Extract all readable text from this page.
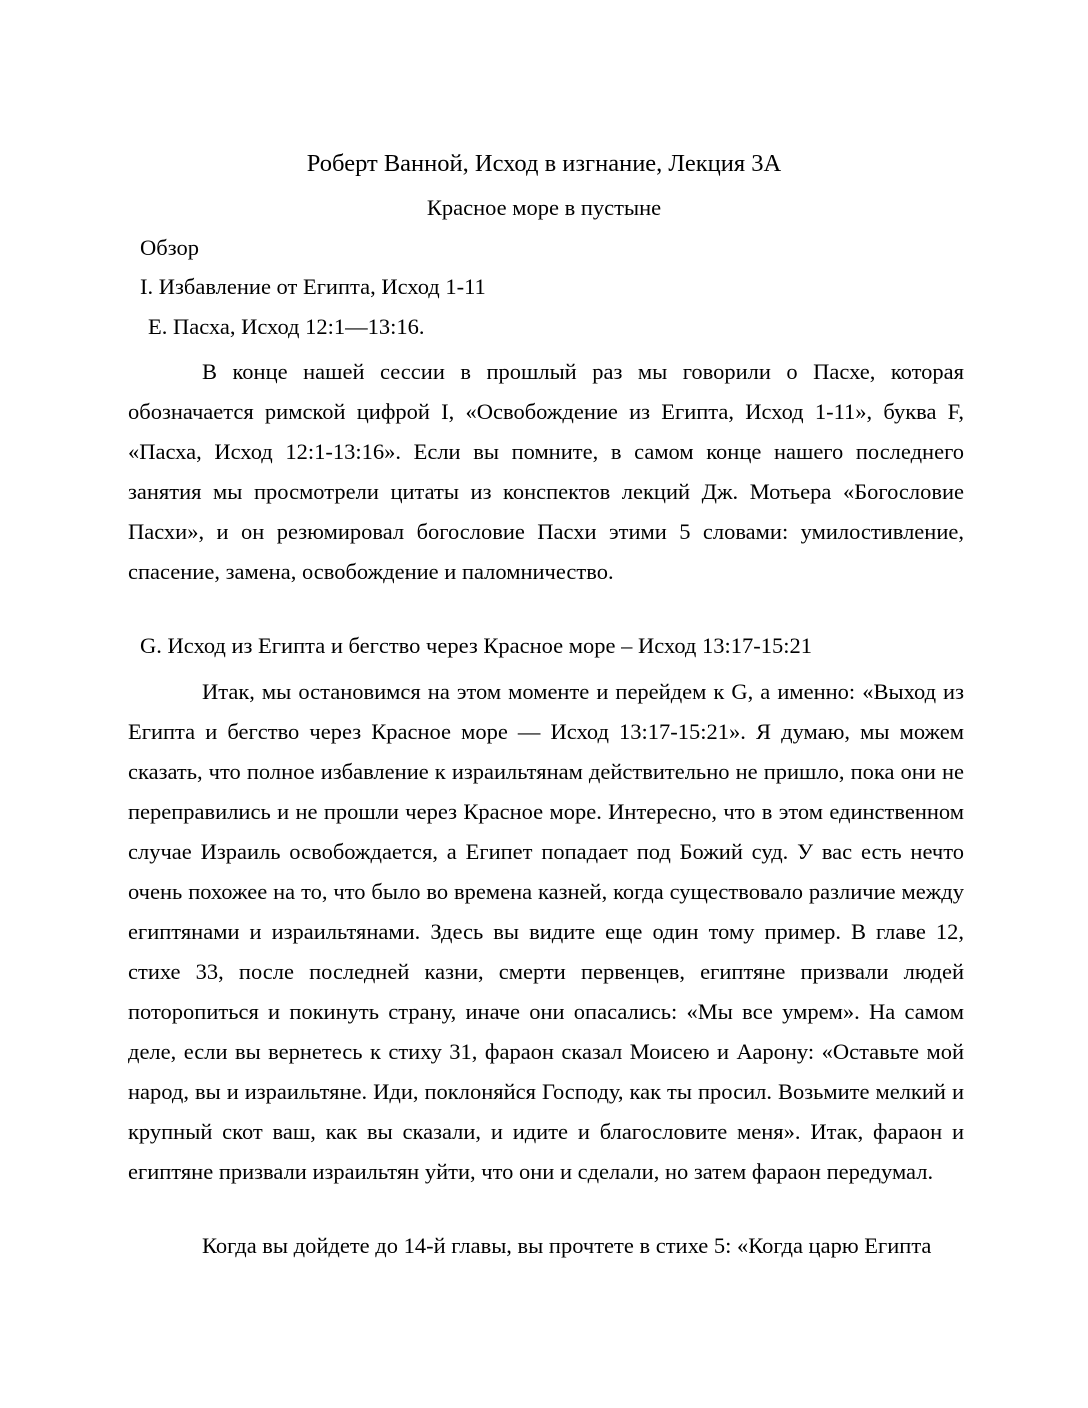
Роберт Ванной, Исход в изгнание, Лекция 3А
Красное море в пустыне
Обзор
I. Избавление от Египта, Исход 1-11
E. Пасха, Исход 12:1—13:16.
В конце нашей сессии в прошлый раз мы говорили о Пасхе, которая обозначается римской цифрой I, «Освобождение из Египта, Исход 1-11», буква F, «Пасха, Исход 12:1-13:16». Если вы помните, в самом конце нашего последнего занятия мы просмотрели цитаты из конспектов лекций Дж. Мотьера «Богословие Пасхи», и он резюмировал богословие Пасхи этими 5 словами: умилостивление, спасение, замена, освобождение и паломничество.
G. Исход из Египта и бегство через Красное море – Исход 13:17-15:21
Итак, мы остановимся на этом моменте и перейдем к G, а именно: «Выход из Египта и бегство через Красное море — Исход 13:17-15:21». Я думаю, мы можем сказать, что полное избавление к израильтянам действительно не пришло, пока они не переправились и не прошли через Красное море. Интересно, что в этом единственном случае Израиль освобождается, а Египет попадает под Божий суд. У вас есть нечто очень похожее на то, что было во времена казней, когда существовало различие между египтянами и израильтянами. Здесь вы видите еще один тому пример. В главе 12, стихе 33, после последней казни, смерти первенцев, египтяне призвали людей поторопиться и покинуть страну, иначе они опасались: «Мы все умрем». На самом деле, если вы вернетесь к стиху 31, фараон сказал Моисею и Аарону: «Оставьте мой народ, вы и израильтяне. Иди, поклоняйся Господу, как ты просил. Возьмите мелкий и крупный скот ваш, как вы сказали, и идите и благословите меня». Итак, фараон и египтяне призвали израильтян уйти, что они и сделали, но затем фараон передумал.
Когда вы дойдете до 14-й главы, вы прочтете в стихе 5: «Когда царю Египта
